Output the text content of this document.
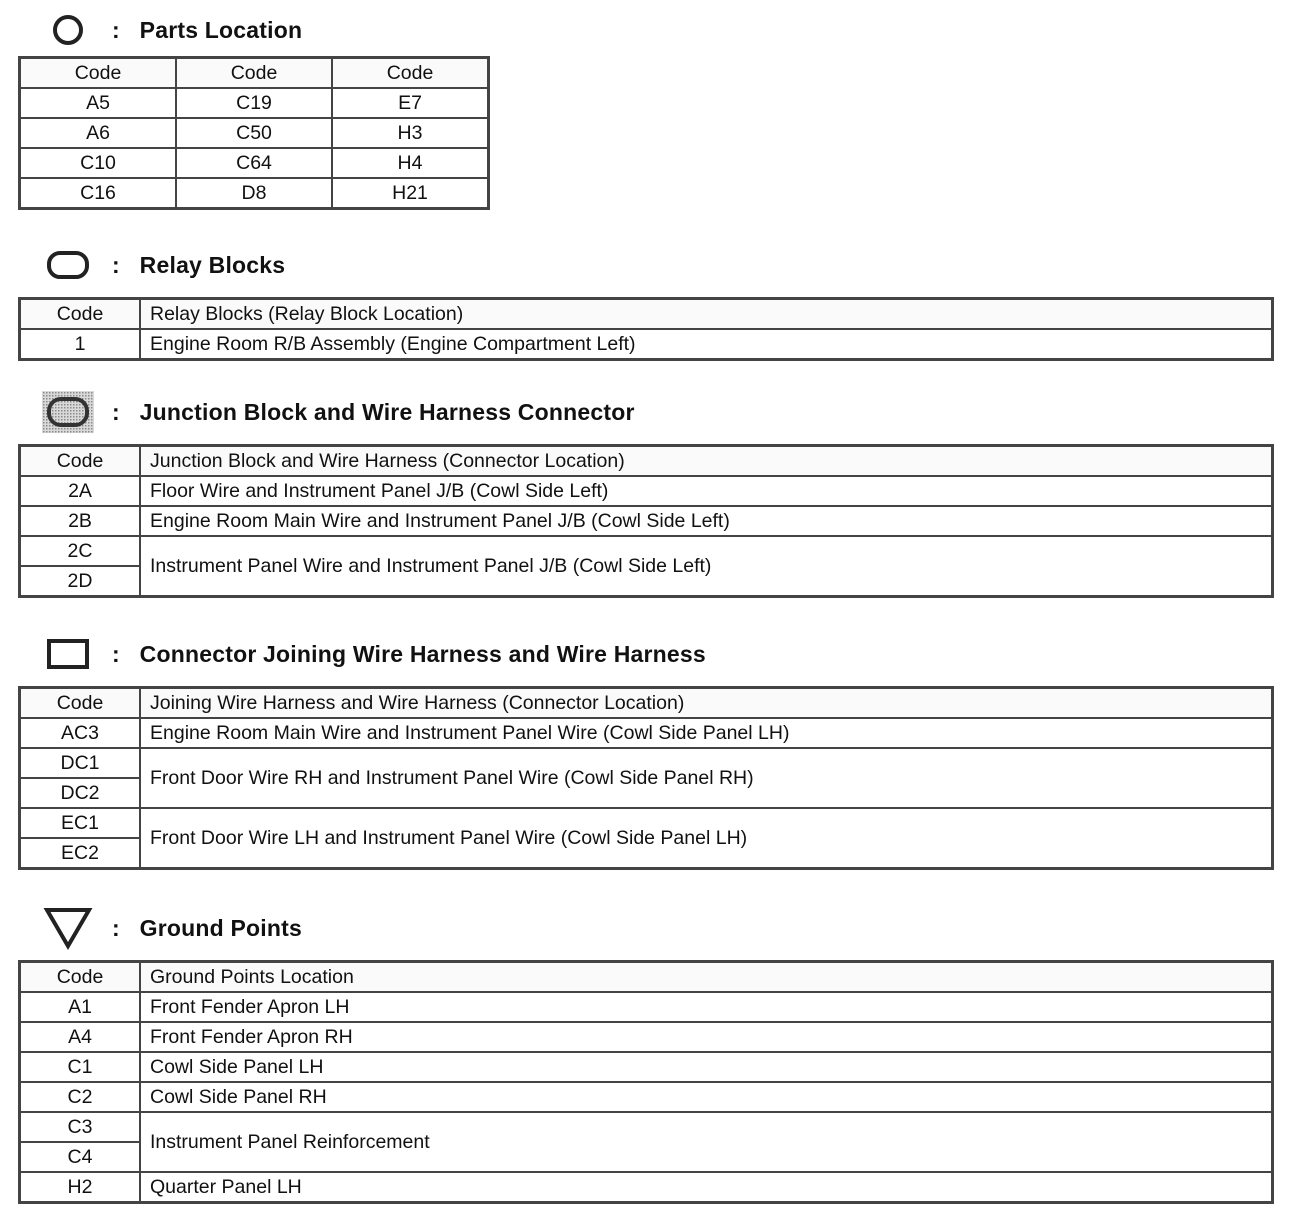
: Parts Location
Code	Code	Code
A5	C19	E7
A6	C50	H3
C10	C64	H4
C16	D8	H21
: Relay Blocks
Code	Relay Blocks (Relay Block Location)
1	Engine Room R/B Assembly (Engine Compartment Left)
: Junction Block and Wire Harness Connector
Code	Junction Block and Wire Harness (Connector Location)
2A	Floor Wire and Instrument Panel J/B (Cowl Side Left)
2B	Engine Room Main Wire and Instrument Panel J/B (Cowl Side Left)
2C	Instrument Panel Wire and Instrument Panel J/B (Cowl Side Left)
2D	
: Connector Joining Wire Harness and Wire Harness
Code	Joining Wire Harness and Wire Harness (Connector Location)
AC3	Engine Room Main Wire and Instrument Panel Wire (Cowl Side Panel LH)
DC1	Front Door Wire RH and Instrument Panel Wire (Cowl Side Panel RH)
DC2	
EC1	Front Door Wire LH and Instrument Panel Wire (Cowl Side Panel LH)
EC2	
: Ground Points
Code	Ground Points Location
A1	Front Fender Apron LH
A4	Front Fender Apron RH
C1	Cowl Side Panel LH
C2	Cowl Side Panel RH
C3	Instrument Panel Reinforcement
C4	
H2	Quarter Panel LH
